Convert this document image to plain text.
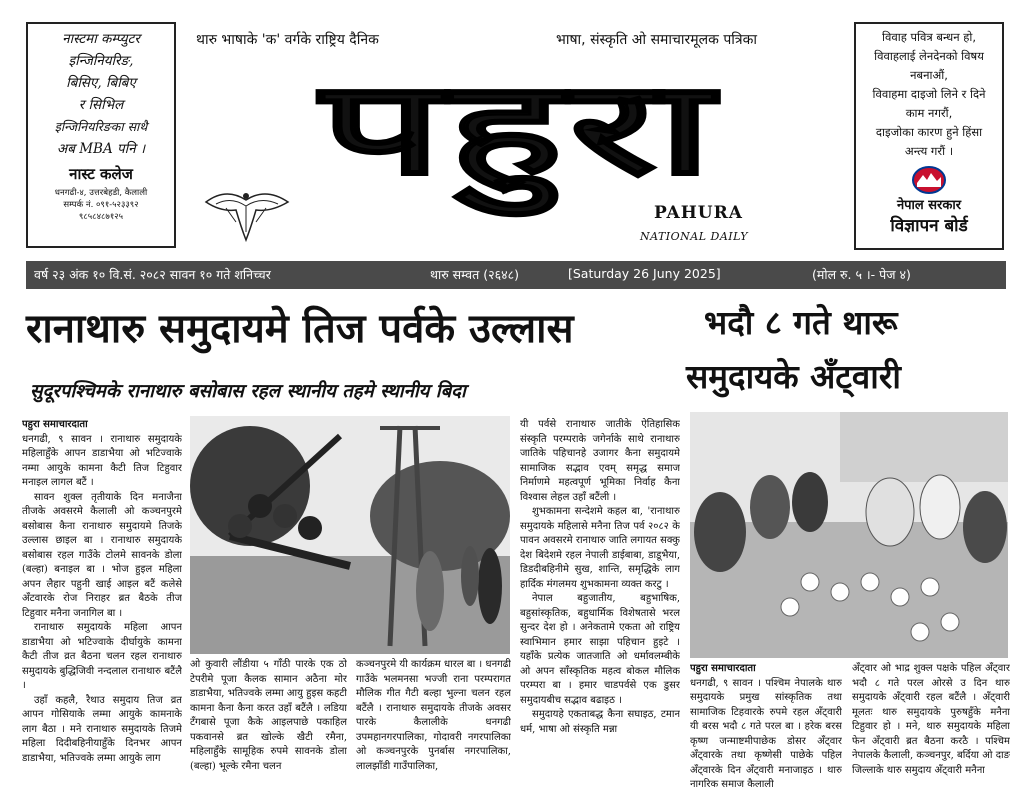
नास्टमा कम्प्युटर
इन्जिनियरिङ,
बिसिए, बिबिए
र सिभिल
इन्जिनियरिङका साथै
अब MBA पनि ।
नास्ट कलेज
धनगढी-४, उत्तरबेहडी, कैलाली
सम्पर्क नं. ०९१-५२३३९२
९८५८४८७१२५
थारु भाषाके 'क' वर्गके राष्ट्रिय दैनिक	भाषा, संस्कृति ओ समाचारमूलक पत्रिका
पहुरा
PAHURA
NATIONAL DAILY
विवाह पवित्र बन्धन हो,
विवाहलाई लेनदेनको विषय
नबनाऔं,
विवाहमा दाइजो लिने र दिने
काम नगरौं,
दाइजोका कारण हुने हिंसा
अन्त्य गरौं ।
नेपाल सरकार
विज्ञापन बोर्ड
वर्ष २३ अंक १० वि.सं. २०८२ सावन १० गते शनिच्चर	थारु सम्वत (२६४८)	[Saturday 26 Juny 2025]	(मोल रु. ५ ।- पेज ४)
रानाथारु समुदायमे तिज पर्वके उल्लास
सुदूरपश्चिमके रानाथारु बसोबास रहल स्थानीय तहमे स्थानीय बिदा
भदौ ८ गते थारू
समुदायके अँट्वारी

पहुरा समाचारदाता

धनगढी, ९ सावन । रानाथारु समुदायके महिलाहुँके आपन डाडाभैया ओ भटिज्वाके नम्मा आयुके कामना कैटी तिज टिहुवार मनाइल लागल बटैं ।

सावन शुक्ल तृतीयाके दिन मनाजैना तीजके अवसरमे कैलाली ओ कञ्चनपुरमे बसोबास कैना रानाथारु समुदायमे तिजके उल्लास छाइल बा । रानाथारु समुदायके बसोबास रहल गाउँके टोलमे सावनके डोला (बल्हा) बनाइल बा । भोज हुइल महिला अपन लैहार पहुनी खाई आइल बटैं कलेसे अँटवारके रोज निराहर ब्रत बैठके तीज टिहुवार मनैना जनागिल बा ।

रानाथारु समुदायके महिला आपन डाडाभैया ओ भटिज्वाके दीर्घायुके कामना कैटी तीज व्रत बैठना चलन रहल रानाथारु समुदायके बुद्धिजिवी नन्दलाल रानाथारु बटैंलै ।

उहाँ कहलै, रैथाउ समुदाय तिज व्रत आपन गोसियाके लम्मा आयुके कामनाके लाग बैठा । मने रानाथारु समुदायके तिजमे महिला दिदीबहिनीयाहुँके दिनभर आपन डाडाभैया, भतिज्वके लम्मा आयुके लाग

ओ कुवारी लौंडीया ५ गाँठी पारके एक ठो टेपरीमे पूजा कैलक सामान अठैना मोर डाडाभैया, भतिज्वके लम्मा आयु हुइस कहटी कामना कैना कैना करत उहाँ बटैंलै । लडिया टँगबासे पूजा कैके आइलपाछे पकाहिल पकवानसे ब्रत खोल्के खैटी रमैना, महिलाहुँके सामूहिक रुपमे सावनके डोला (बल्हा) भूल्के रमैना चलन

कञ्चनपुरमे यी कार्यक्रम धारल बा । धनगढी गाउँके भलमनसा भज्जी राना परम्परागत मौलिक गीत गैटी बल्हा भुल्ना चलन रहल बटैंलै । रानाथारु समुदायके तीजके अवसर पारके कैलालीके धनगढी उपमहानगरपालिका, गोदावरी नगरपालिका ओ कञ्चनपुरके पुनर्बास नगरपालिका, लालझाँडी गाउँपालिका,

यी पर्वसे रानाथारु जातीके ऐतिहासिक संस्कृति परम्पराके जगेर्नाके साथे रानाथारु जातिके पहिचानहे उजागर कैना समुदायमे सामाजिक सद्भाव एवम् समृद्ध समाज निर्माणमे महत्वपूर्ण भूमिका निर्वाह कैना विश्वास लेहल उहाँ बटैंली ।

शुभकामना सन्देशमे कहल बा, 'रानाथारु समुदायके महिलासे मनैना तिज पर्व २०८२ के पावन अवसरमे रानाथारु जाति लगायत सक्कु देश बिदेशमे रहल नेपाली डाईबाबा, डाडूभैया, डिडदीबहिनीमे सुख, शान्ति, समृद्धिके लाग हार्दिक मंगलमय शुभकामना व्यक्त करटु ।

नेपाल बहुजातीय, बहुभाषिक, बहुसांस्कृतिक, बहुधार्मिक विशेषतासे भरल सुन्दर देश हो । अनेकतामे एकता ओ राष्ट्रिय स्वाभिमान हमार साझा पहिचान हुइटे । यहाँके प्रत्येक जातजाति ओ धर्मावलम्बीके ओ अपन साँस्कृतिक महत्व बोकल मौलिक परम्परा बा । हमार चाडपर्वसे एक डुसर समुदायबीच सद्भाव बढाइठ ।

समुदायहे एकताबद्ध कैना सघाइठ, टमान धर्म, भाषा ओ संस्कृति मन्ना

पहुरा समाचारदाता

धनगढी, ९ सावन । पश्चिम नेपालके थारु समुदायके प्रमुख सांस्कृतिक तथा सामाजिक टिहवारके रुपमे रहल अँट्वारी यी बरस भदौ ८ गते परल बा । हरेक बरस कृष्ण जन्माष्टमीपाछेक डोसर अँट्वार अँट्वारके तथा कृष्णेसी पाछेके पहिल अँट्वारके दिन अँट्वारी मनाजाइठ । थारु नागरिक समाज कैलाली

अँट्वार ओ भाद्र शुक्ल पक्षके पहिल अँट्वार भदौ ८ गते परल ओरसे उ दिन थारु समुदायके अँट्वारी रहल बटैंलै । अँट्वारी मूलतः थारु समुदायके पुरुषहुँके मनैना टिहुवार हो । मने, थारु समुदायके महिला फेन अँट्वारी ब्रत बैठना करठै । पश्चिम नेपालके कैलाली, कञ्चनपुर, बर्दिया ओ दाङ जिल्लाके थारु समुदाय अँट्वारी मनैना
